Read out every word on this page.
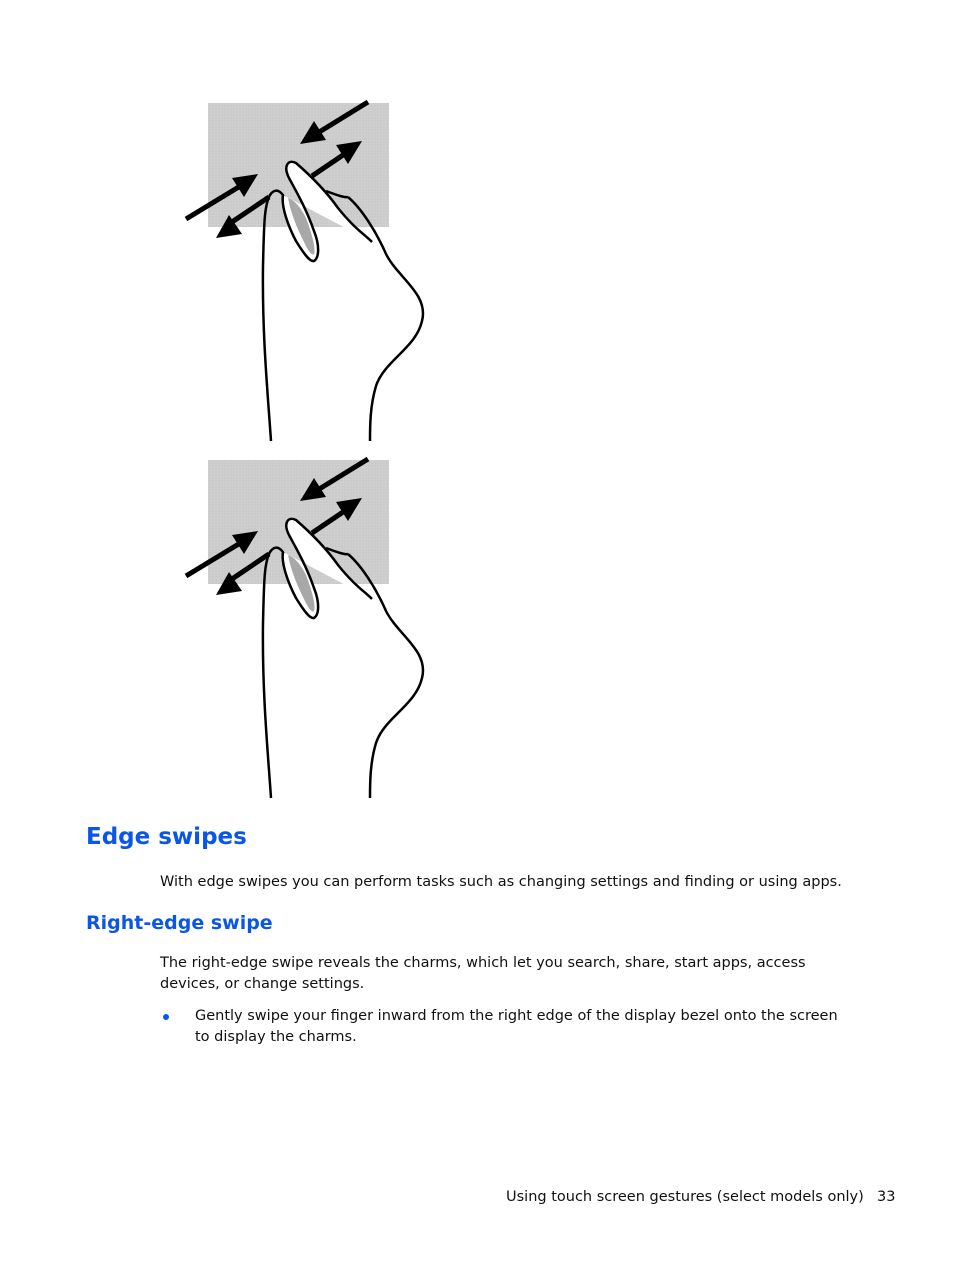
Edge swipes

With edge swipes you can perform tasks such as changing settings and finding or using apps.

Right-edge swipe

The right-edge swipe reveals the charms, which let you search, share, start apps, access devices, or change settings.

Gently swipe your finger inward from the right edge of the display bezel onto the screen to display the charms.
Using touch screen gestures (select models only) 33
